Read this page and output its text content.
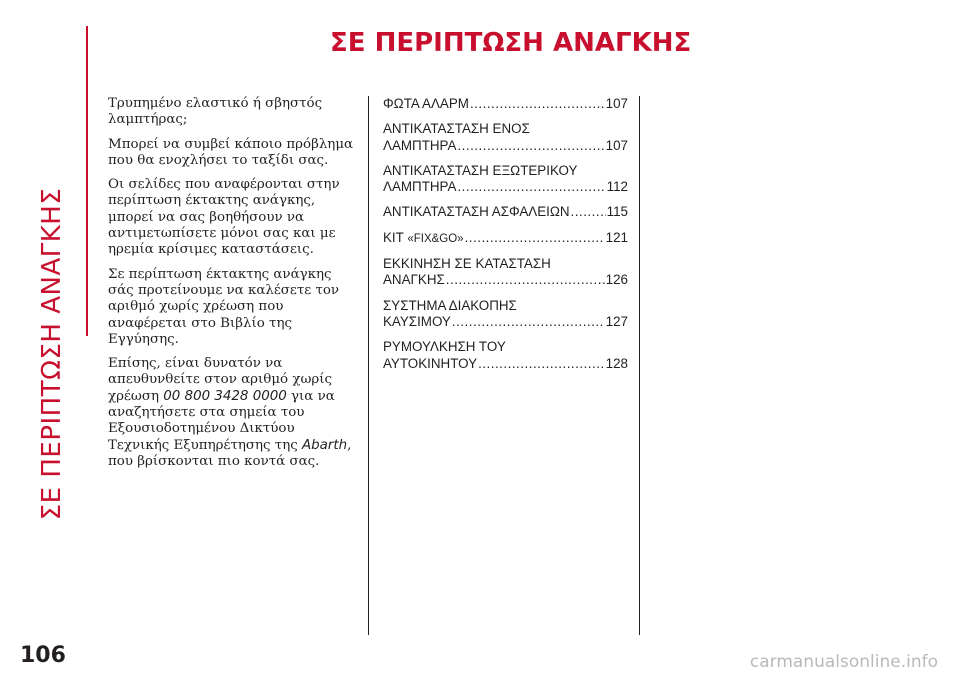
ΣΕ ΠΕΡΙΠΤΩΣΗ ΑΝΑΓΚΗΣ
ΣΕ ΠΕΡΙΠΤΩΣΗ ΑΝΑΓΚΗΣ

Τρυπημένο ελαστικό ή σβηστός λαμπτήρας;

Μπορεί να συμβεί κάποιο πρόβλημα που θα ενοχλήσει το ταξίδι σας.

Οι σελίδες που αναφέρονται στην περίπτωση έκτακτης ανάγκης, μπορεί να σας βοηθήσουν να αντιμετωπίσετε μόνοι σας και με ηρεμία κρίσιμες καταστάσεις.

Σε περίπτωση έκτακτης ανάγκης σάς προτείνουμε να καλέσετε τον αριθμό χωρίς χρέωση που αναφέρεται στο Βιβλίο της Εγγύησης.

Επίσης, είναι δυνατόν να απευθυνθείτε στον αριθμό χωρίς χρέωση 00 800 3428 0000 για να αναζητήσετε στα σημεία του Εξουσιοδοτημένου Δικτύου Τεχνικής Εξυπηρέτησης της Abarth, που βρίσκονται πιο κοντά σας.

ΦΩΤΑ ΑΛΑΡΜ .....	107
ΑΝΤΙΚΑΤΑΣΤΑΣΗ ΕΝΟΣ
ΛΑΜΠΤΗΡΑ .....	107
ΑΝΤΙΚΑΤΑΣΤΑΣΗ ΕΞΩΤΕΡΙΚΟΥ
ΛΑΜΠΤΗΡΑ .....	112
ΑΝΤΙΚΑΤΑΣΤΑΣΗ ΑΣΦΑΛΕΙΩΝ .....	115
KIT «FIX&GO» .....	121
ΕΚΚΙΝΗΣΗ ΣΕ ΚΑΤΑΣΤΑΣΗ
ΑΝΑΓΚΗΣ .....	126
ΣΥΣΤΗΜΑ ΔΙΑΚΟΠΗΣ
ΚΑΥΣΙΜΟΥ .....	127
ΡΥΜΟΥΛΚΗΣΗ ΤΟΥ
ΑΥΤΟΚΙΝΗΤΟΥ .....	128
106	carmanualsonline.info
